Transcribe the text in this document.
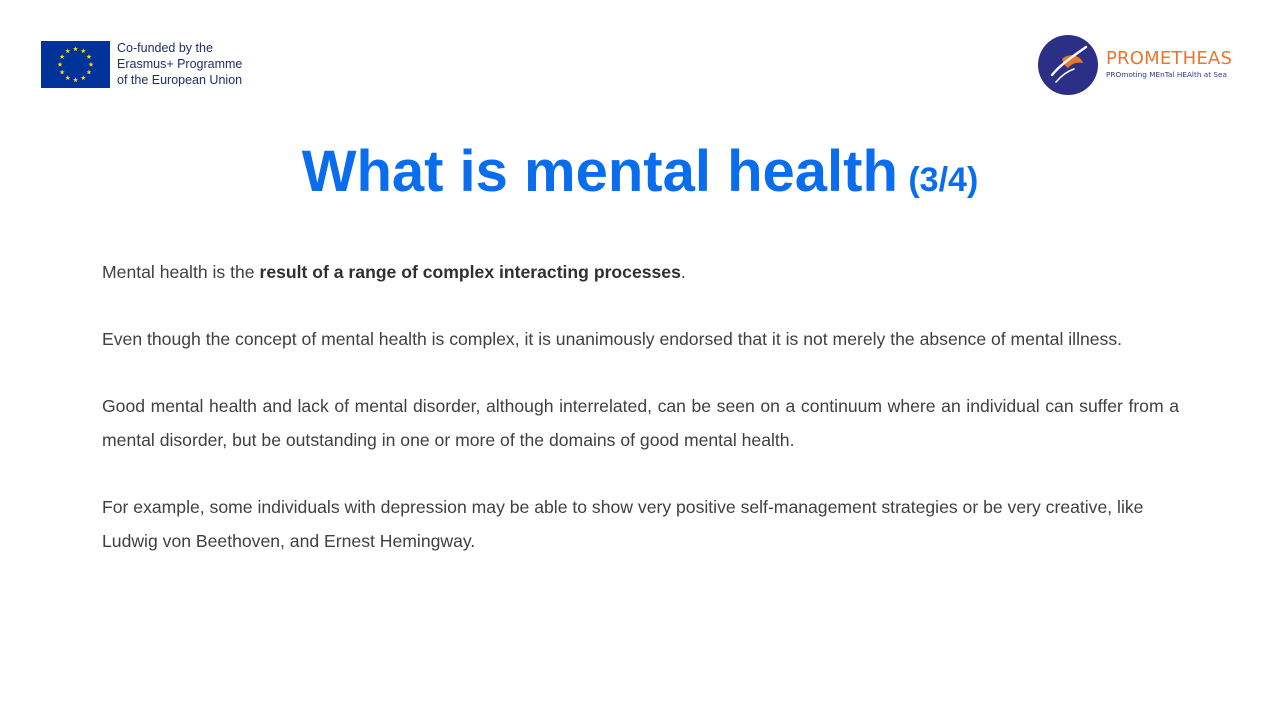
Co-funded by the
Erasmus+ Programme
of the European Union
PROMETHEAS
PROmoting MEnTal HEAlth at Sea
What is mental health (3/4)

Mental health is the result of a range of complex interacting processes.

Even though the concept of mental health is complex, it is unanimously endorsed that it is not merely the absence of mental illness.

Good mental health and lack of mental disorder, although interrelated, can be seen on a continuum where an individual can suffer from a mental disorder, but be outstanding in one or more of the domains of good mental health.

For example, some individuals with depression may be able to show very positive self-management strategies or be very creative, like Ludwig von Beethoven, and Ernest Hemingway.
